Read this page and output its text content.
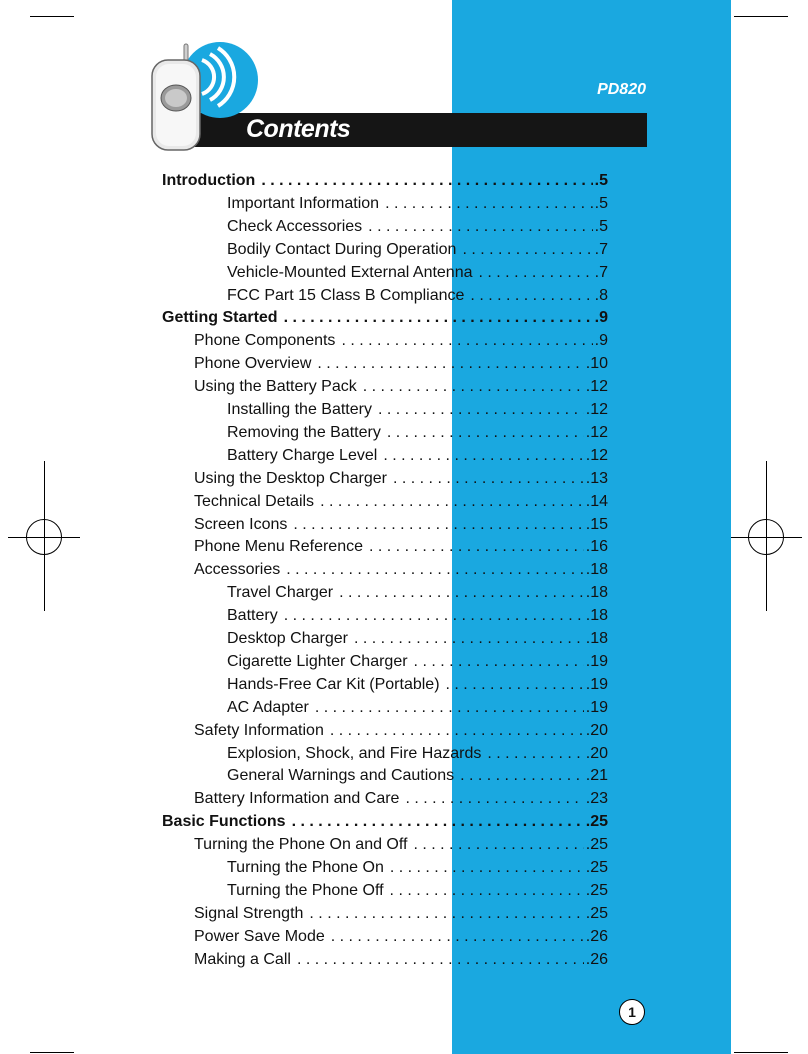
PD820
Contents
Introduction . . .	.5
Important Information . . .	.5
Check Accessories . . .	.5
Bodily Contact During Operation . . .	.7
Vehicle-Mounted External Antenna . . .	.7
FCC Part 15 Class B Compliance . . .	.8
Getting Started . . .	.9
Phone Components . . .	.9
Phone Overview . . .	.10
Using the Battery Pack . . .	.12
Installing the Battery . . .	.12
Removing the Battery . . .	.12
Battery Charge Level . . .	.12
Using the Desktop Charger . . .	.13
Technical Details . . .	.14
Screen Icons . . .	.15
Phone Menu Reference . . .	.16
Accessories . . .	.18
Travel Charger . . .	.18
Battery . . .	.18
Desktop Charger . . .	.18
Cigarette Lighter Charger . . .	.19
Hands-Free Car Kit (Portable) . . .	.19
AC Adapter . . .	.19
Safety Information . . .	.20
Explosion, Shock, and Fire Hazards . . .	.20
General Warnings and Cautions . . .	.21
Battery Information and Care . . .	.23
Basic Functions . . .	.25
Turning the Phone On and Off . . .	.25
Turning the Phone On . . .	.25
Turning the Phone Off . . .	.25
Signal Strength . . .	.25
Power Save Mode . . .	.26
Making a Call . . .	.26
1
